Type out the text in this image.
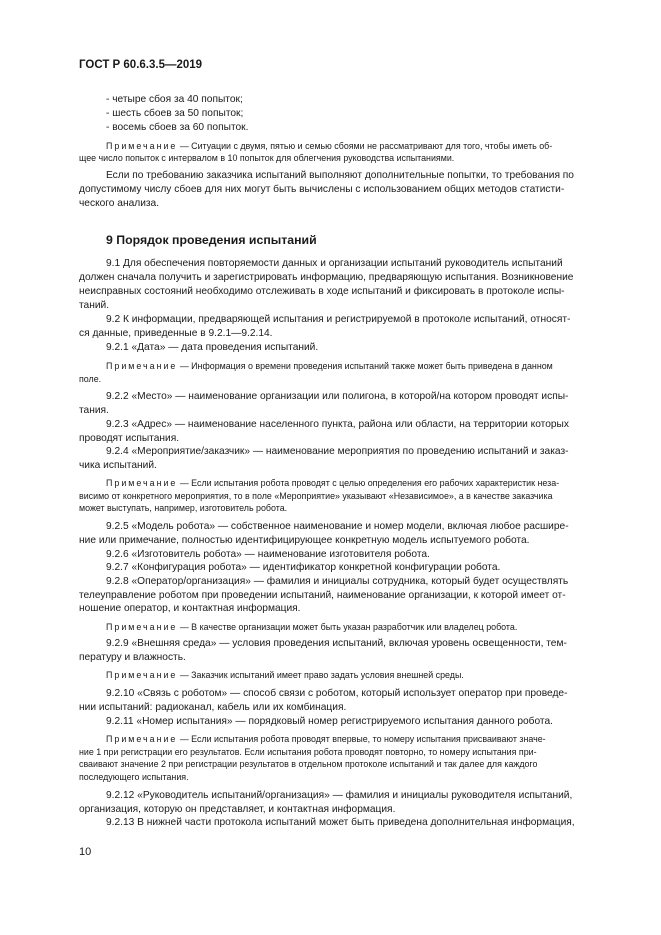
ГОСТ Р 60.6.3.5—2019
- четыре сбоя за 40 попыток;
- шесть сбоев за 50 попыток;
- восемь сбоев за 60 попыток.
Примечание — Ситуации с двумя, пятью и семью сбоями не рассматривают для того, чтобы иметь об-
щее число попыток с интервалом в 10 попыток для облегчения руководства испытаниями.
Если по требованию заказчика испытаний выполняют дополнительные попытки, то требования по
допустимому числу сбоев для них могут быть вычислены с использованием общих методов статисти-
ческого анализа.
9 Порядок проведения испытаний
9.1 Для обеспечения повторяемости данных и организации испытаний руководитель испытаний
должен сначала получить и зарегистрировать информацию, предваряющую испытания. Возникновение
неисправных состояний необходимо отслеживать в ходе испытаний и фиксировать в протоколе испы-
таний.
9.2 К информации, предваряющей испытания и регистрируемой в протоколе испытаний, относят-
ся данные, приведенные в 9.2.1—9.2.14.
9.2.1 «Дата» — дата проведения испытаний.
Примечание — Информация о времени проведения испытаний также может быть приведена в данном
поле.
9.2.2 «Место» — наименование организации или полигона, в которой/на котором проводят испы-
тания.
9.2.3 «Адрес» — наименование населенного пункта, района или области, на территории которых
проводят испытания.
9.2.4 «Мероприятие/заказчик» — наименование мероприятия по проведению испытаний и заказ-
чика испытаний.
Примечание — Если испытания робота проводят с целью определения его рабочих характеристик неза-
висимо от конкретного мероприятия, то в поле «Мероприятие» указывают «Независимое», а в качестве заказчика
может выступать, например, изготовитель робота.
9.2.5 «Модель робота» — собственное наименование и номер модели, включая любое расшире-
ние или примечание, полностью идентифицирующее конкретную модель испытуемого робота.
9.2.6 «Изготовитель робота» — наименование изготовителя робота.
9.2.7 «Конфигурация робота» — идентификатор конкретной конфигурации робота.
9.2.8 «Оператор/организация» — фамилия и инициалы сотрудника, который будет осуществлять
телеуправление роботом при проведении испытаний, наименование организации, к которой имеет от-
ношение оператор, и контактная информация.
Примечание — В качестве организации может быть указан разработчик или владелец робота.
9.2.9 «Внешняя среда» — условия проведения испытаний, включая уровень освещенности, тем-
пературу и влажность.
Примечание — Заказчик испытаний имеет право задать условия внешней среды.
9.2.10 «Связь с роботом» — способ связи с роботом, который использует оператор при проведе-
нии испытаний: радиоканал, кабель или их комбинация.
9.2.11 «Номер испытания» — порядковый номер регистрируемого испытания данного робота.
Примечание — Если испытания робота проводят впервые, то номеру испытания присваивают значе-
ние 1 при регистрации его результатов. Если испытания робота проводят повторно, то номеру испытания при-
сваивают значение 2 при регистрации результатов в отдельном протоколе испытаний и так далее для каждого
последующего испытания.
9.2.12 «Руководитель испытаний/организация» — фамилия и инициалы руководителя испытаний,
организация, которую он представляет, и контактная информация.
9.2.13 В нижней части протокола испытаний может быть приведена дополнительная информация,
10
